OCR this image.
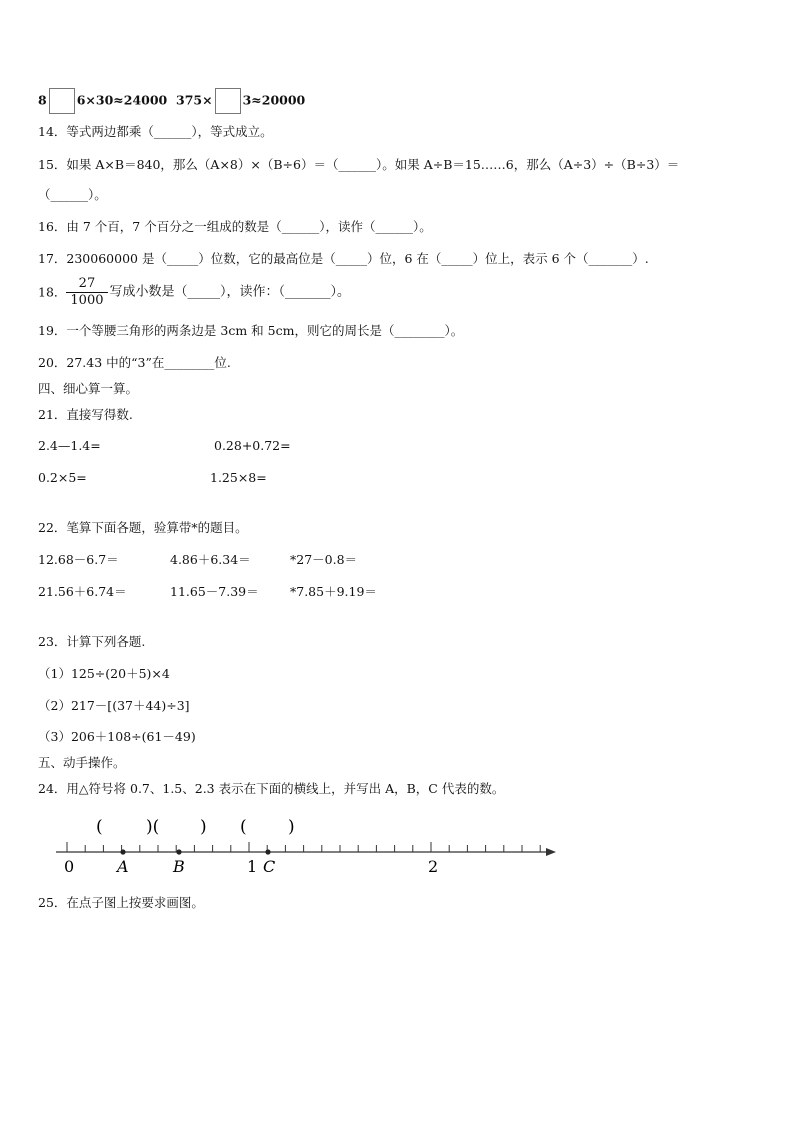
8 6×30≈24000 375× 3≈20000
14．等式两边都乘（______），等式成立。
15．如果 A×B＝840，那么（A×8）×（B÷6）＝（______）。如果 A÷B＝15……6，那么（A÷3）÷（B÷3）＝
（______）。
16．由 7 个百，7 个百分之一组成的数是（______），读作（______）。
17．230060000 是（_____）位数，它的最高位是（_____）位，6 在（_____）位上，表示 6 个（_______）.
18． $\frac{27}{1000}$ 写成小数是（_____），读作：（_______）。
19．一个等腰三角形的两条边是 3cm 和 5cm，则它的周长是（________）。
20．27.43 中的“3”在________位.
四、细心算一算。
21．直接写得数.
2.4—1.4=	0.28+0.72=
0.2×5=	1.25×8=
22．笔算下面各题，验算带*的题目。
12.68－6.7＝	4.86＋6.34＝	*27－0.8＝
21.56＋6.74＝	11.65－7.39＝	*7.85＋9.19＝
23．计算下列各题.
（1）125÷(20＋5)×4
（2）217－[(37＋44)÷3]
（3）206＋108÷(61－49)
五、动手操作。
24．用△符号将 0.7、1.5、2.3 表示在下面的横线上，并写出 A，B，C 代表的数。
(	)( ) ( )
0	1	2
A	B	C
25．在点子图上按要求画图。
